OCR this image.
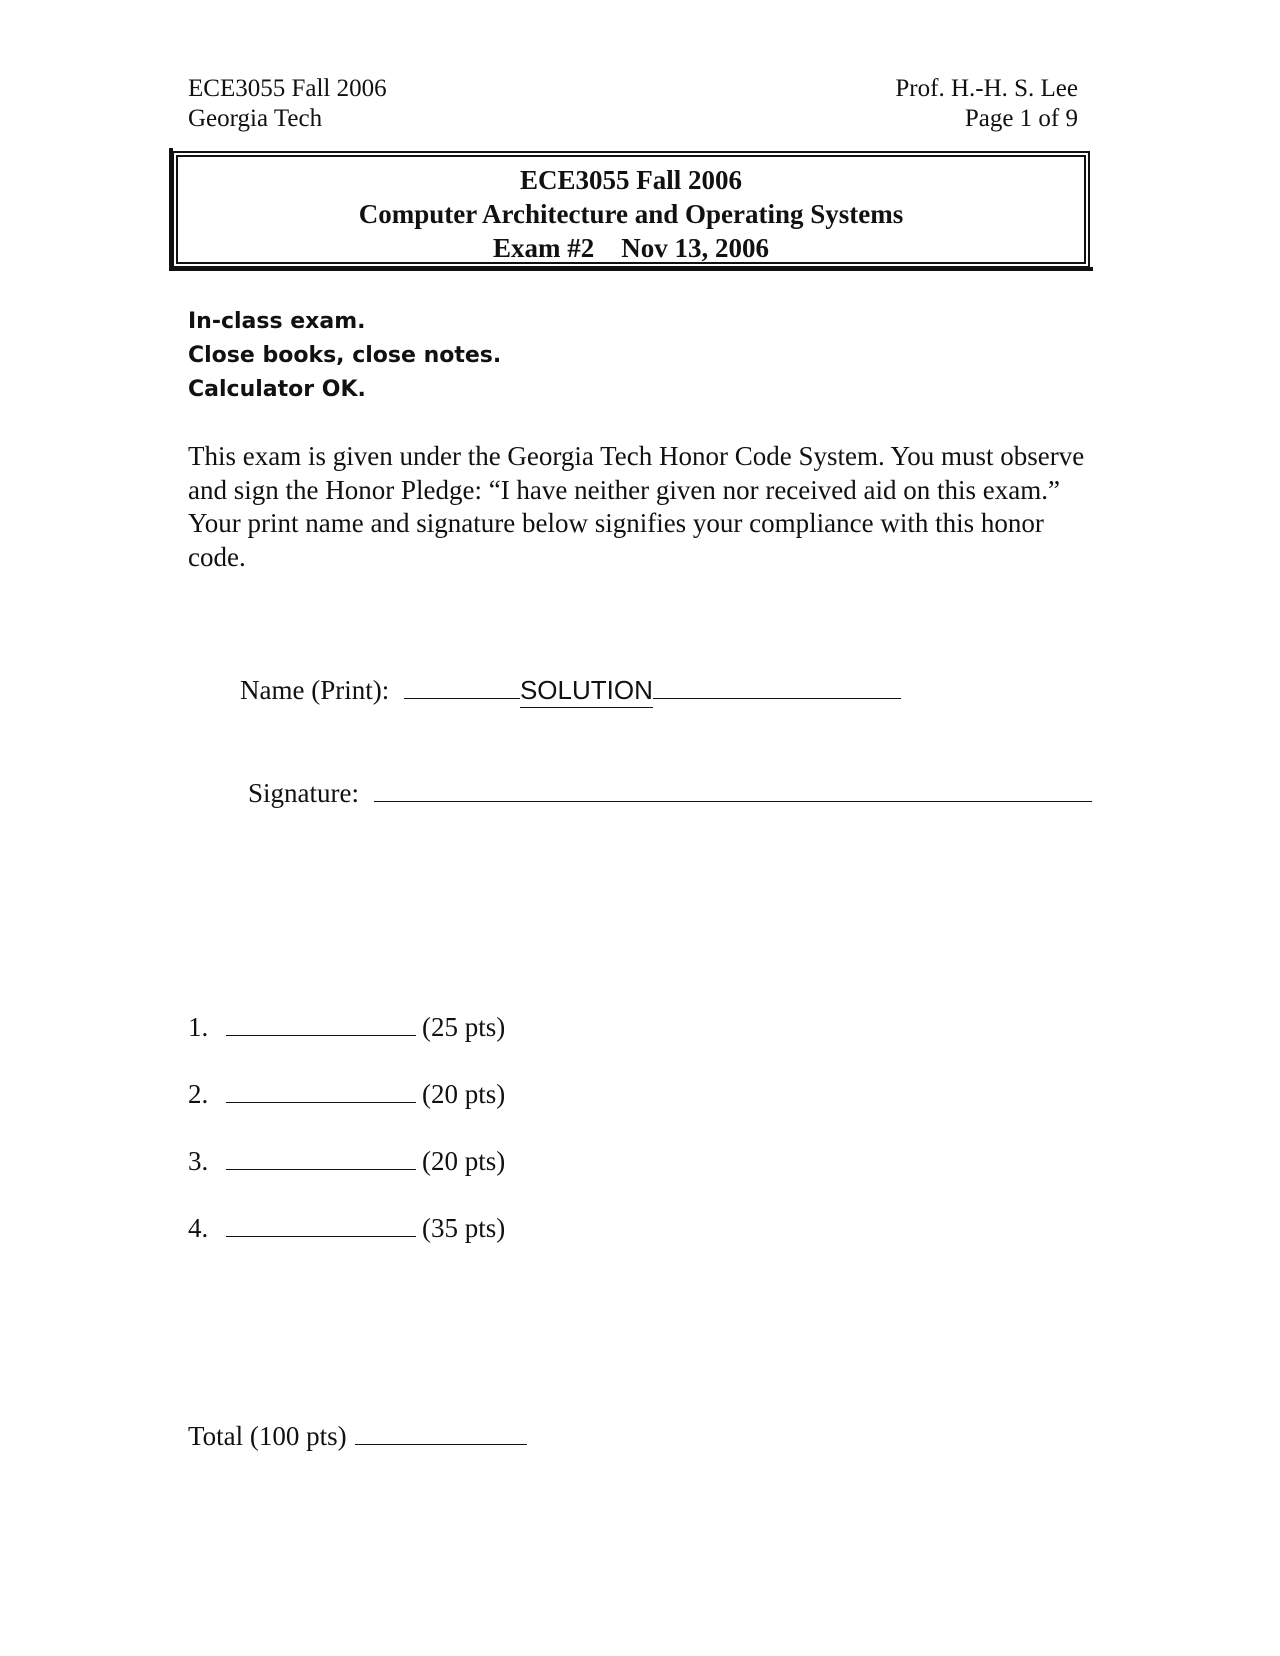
ECE3055 Fall 2006
Georgia Tech
Prof. H.-H. S. Lee
Page 1 of 9
ECE3055 Fall 2006
Computer Architecture and Operating Systems
Exam #2    Nov 13, 2006
In-class exam.
Close books, close notes.
Calculator OK.
This exam is given under the Georgia Tech Honor Code System. You must observe and sign the Honor Pledge: “I have neither given nor received aid on this exam.” Your print name and signature below signifies your compliance with this honor code.
Name (Print):	SOLUTION
Signature:
1.	(25 pts)
2.	(20 pts)
3.	(20 pts)
4.	(35 pts)
Total (100 pts)
